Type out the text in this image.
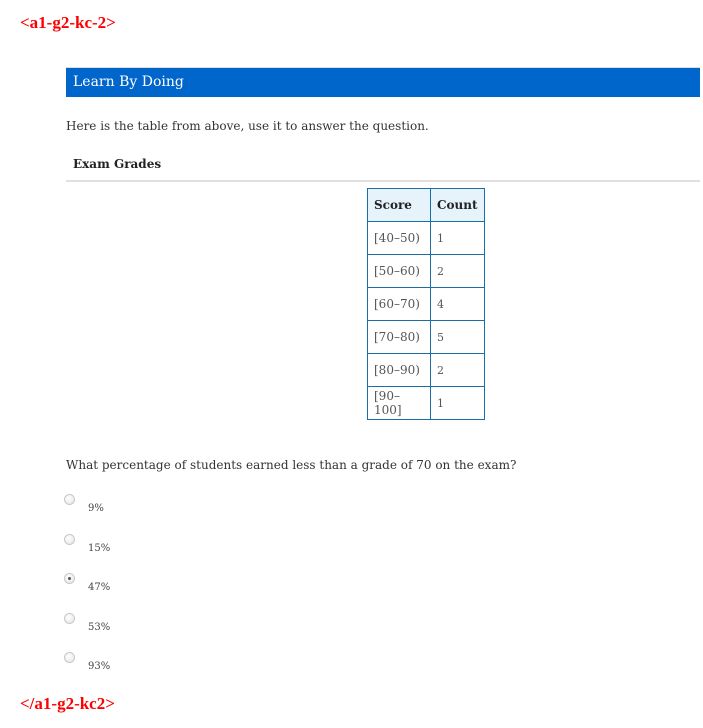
<a1-g2-kc-2>
Learn By Doing
Here is the table from above, use it to answer the question.
Exam Grades
Score	Count
[40–50)	1
[50–60)	2
[60–70)	4
[70–80)	5
[80–90)	2
[90–100]	1
What percentage of students earned less than a grade of 70 on the exam?
9%
15%
47%
53%
93%
</a1-g2-kc2>
